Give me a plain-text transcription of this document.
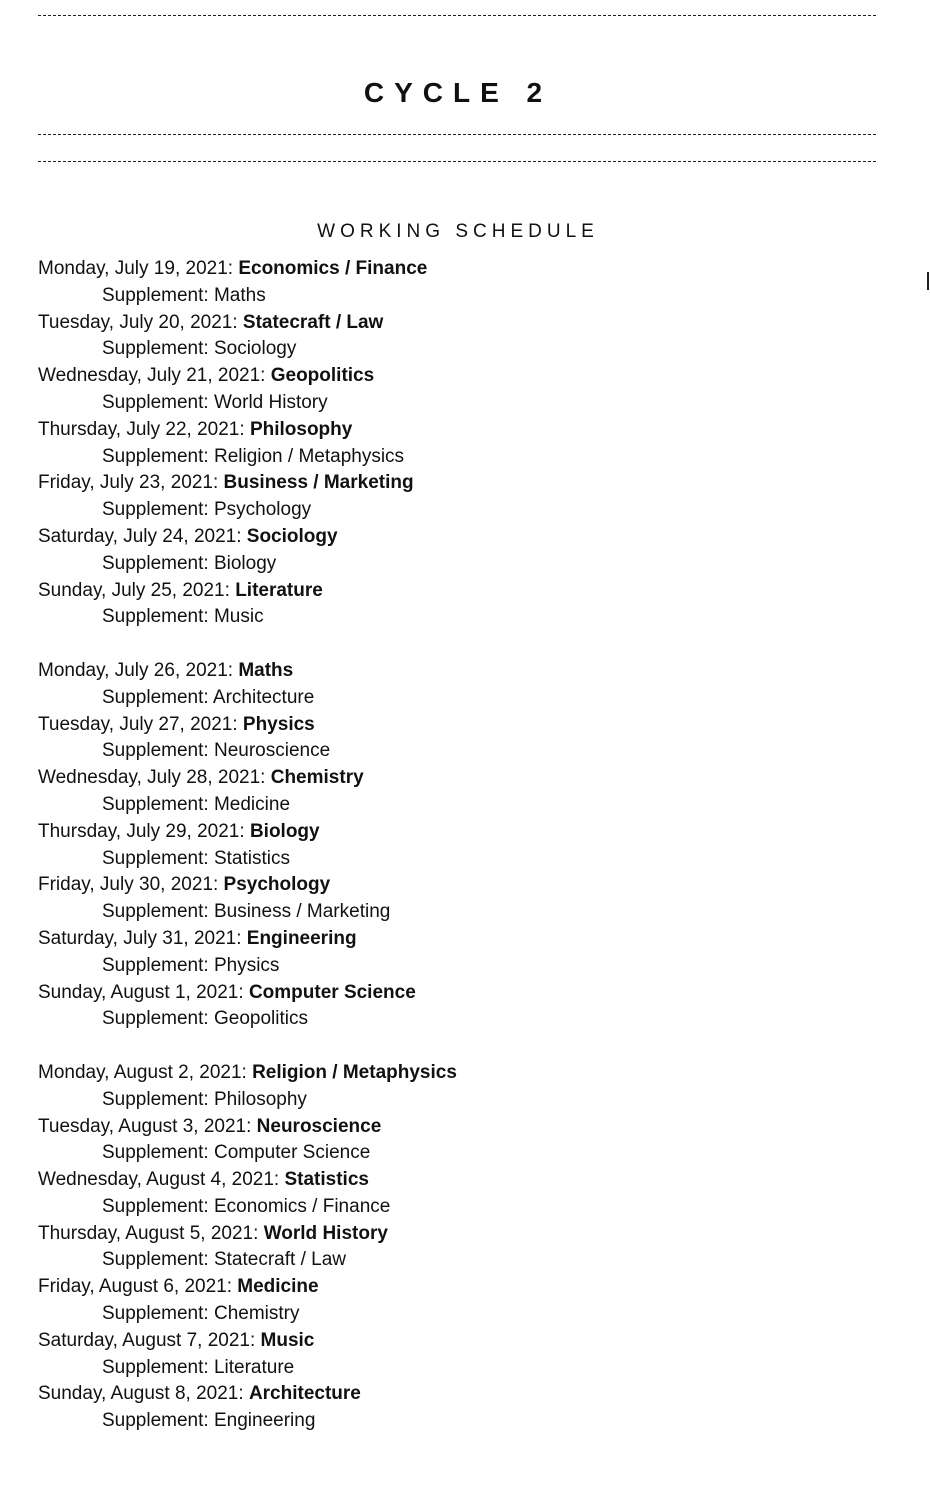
CYCLE 2
WORKING SCHEDULE
Monday, July 19, 2021: Economics / Finance
Supplement: Maths
Tuesday, July 20, 2021: Statecraft / Law
Supplement: Sociology
Wednesday, July 21, 2021: Geopolitics
Supplement: World History
Thursday, July 22, 2021: Philosophy
Supplement: Religion / Metaphysics
Friday, July 23, 2021: Business / Marketing
Supplement: Psychology
Saturday, July 24, 2021: Sociology
Supplement: Biology
Sunday, July 25, 2021: Literature
Supplement: Music
Monday, July 26, 2021: Maths
Supplement: Architecture
Tuesday, July 27, 2021: Physics
Supplement: Neuroscience
Wednesday, July 28, 2021: Chemistry
Supplement: Medicine
Thursday, July 29, 2021: Biology
Supplement: Statistics
Friday, July 30, 2021: Psychology
Supplement: Business / Marketing
Saturday, July 31, 2021: Engineering
Supplement: Physics
Sunday, August 1, 2021: Computer Science
Supplement: Geopolitics
Monday, August 2, 2021: Religion / Metaphysics
Supplement: Philosophy
Tuesday, August 3, 2021: Neuroscience
Supplement: Computer Science
Wednesday, August 4, 2021: Statistics
Supplement: Economics / Finance
Thursday, August 5, 2021: World History
Supplement: Statecraft / Law
Friday, August 6, 2021: Medicine
Supplement: Chemistry
Saturday, August 7, 2021: Music
Supplement: Literature
Sunday, August 8, 2021: Architecture
Supplement: Engineering
